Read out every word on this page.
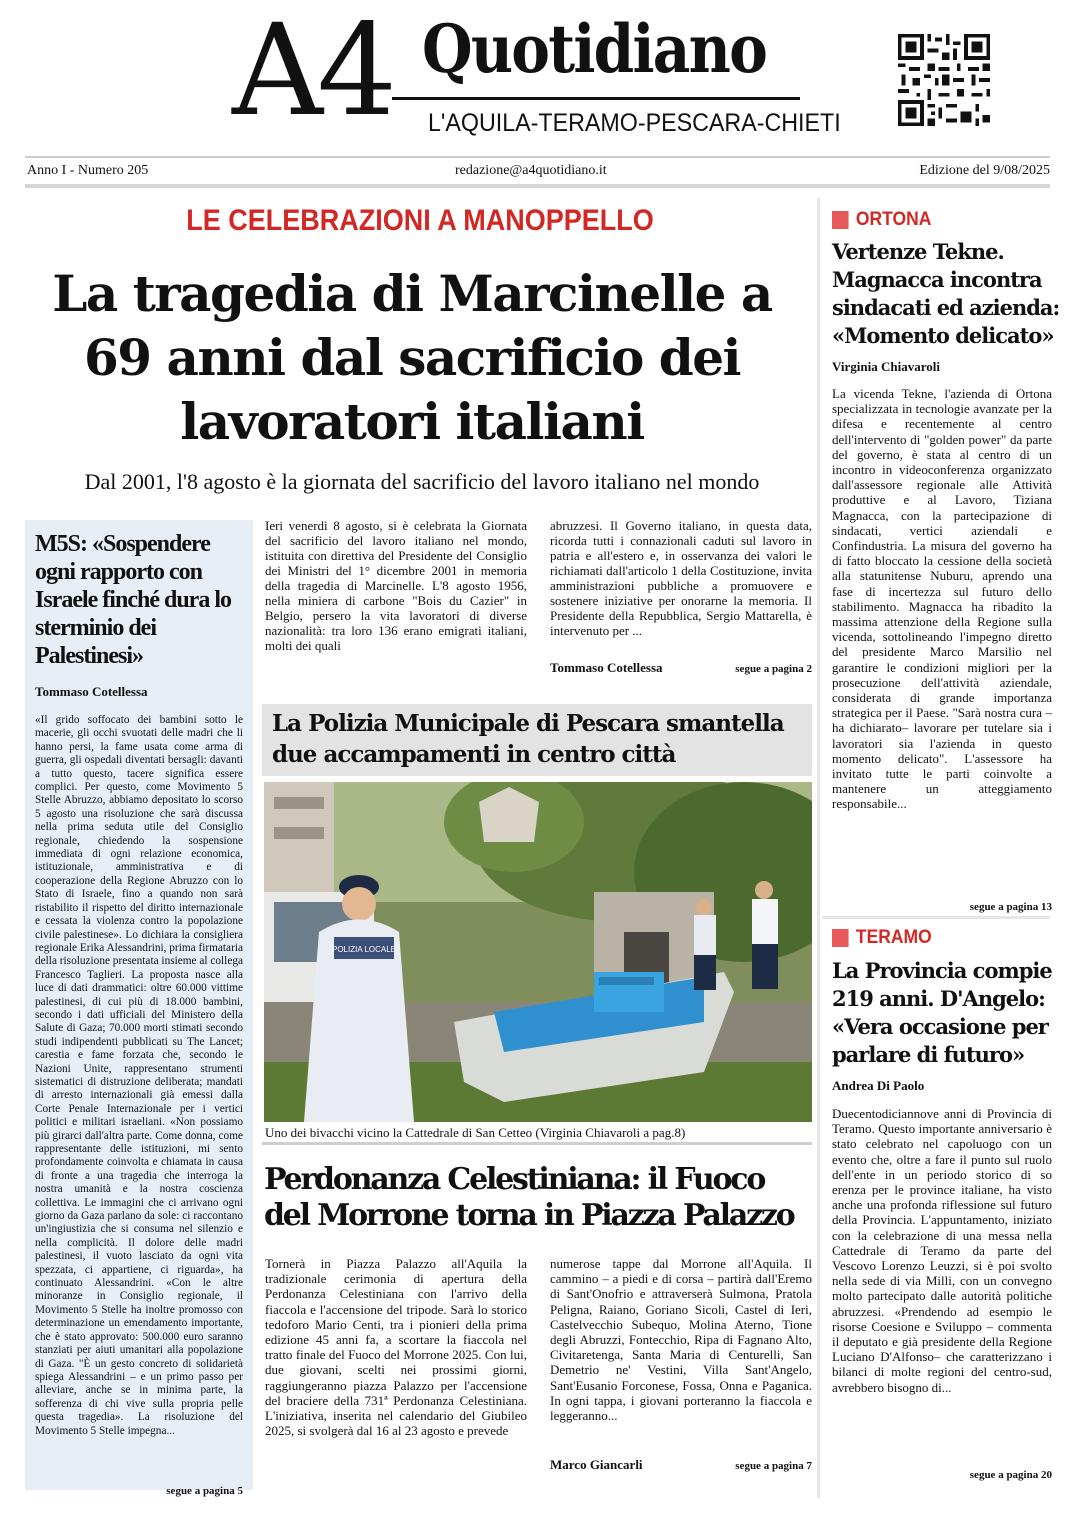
A4 Quotidiano
L'AQUILA-TERAMO-PESCARA-CHIETI
Anno I - Numero 205	redazione@a4quotidiano.it	Edizione del 9/08/2025
LE CELEBRAZIONI A MANOPPELLO
La tragedia di Marcinelle a 69 anni dal sacrificio dei lavoratori italiani
Dal 2001, l'8 agosto è la giornata del sacrificio del lavoro italiano nel mondo
Ieri venerdì 8 agosto, si è celebrata la Giornata del sacrificio del lavoro italiano nel mondo, istituita con direttiva del Presidente del Consiglio dei Ministri del 1° dicembre 2001 in memoria della tragedia di Marcinelle. L'8 agosto 1956, nella miniera di carbone "Bois du Cazier" in Belgio, persero la vita lavoratori di diverse nazionalità: tra loro 136 erano emigrati italiani, molti dei quali
abruzzesi. Il Governo italiano, in questa data, ricorda tutti i connazionali caduti sul lavoro in patria e all'estero e, in osservanza dei valori le richiamati dall'articolo 1 della Costituzione, invita amministrazioni pubbliche a promuovere e sostenere iniziative per onorarne la memoria. Il Presidente della Repubblica, Sergio Mattarella, è intervenuto per ...
Tommaso Cotellessa	segue a pagina 2
M5S: «Sospendere ogni rapporto con Israele finché dura lo sterminio dei Palestinesi»
Tommaso Cotellessa
«Il grido soffocato dei bambini sotto le macerie, gli occhi svuotati delle madri che li hanno persi, la fame usata come arma di guerra, gli ospedali diventati bersagli: davanti a tutto questo, tacere significa essere complici. Per questo, come Movimento 5 Stelle Abruzzo, abbiamo depositato lo scorso 5 agosto una risoluzione che sarà discussa nella prima seduta utile del Consiglio regionale, chiedendo la sospensione immediata di ogni relazione economica, istituzionale, amministrativa e di cooperazione della Regione Abruzzo con lo Stato di Israele, fino a quando non sarà ristabilito il rispetto del diritto internazionale e cessata la violenza contro la popolazione civile palestinese». Lo dichiara la consigliera regionale Erika Alessandrini, prima firmataria della risoluzione presentata insieme al collega Francesco Taglieri. La proposta nasce alla luce di dati drammatici: oltre 60.000 vittime palestinesi, di cui più di 18.000 bambini, secondo i dati ufficiali del Ministero della Salute di Gaza; 70.000 morti stimati secondo studi indipendenti pubblicati su The Lancet; carestia e fame forzata che, secondo le Nazioni Unite, rappresentano strumenti sistematici di distruzione deliberata; mandati di arresto internazionali già emessi dalla Corte Penale Internazionale per i vertici politici e militari israeliani. «Non possiamo più girarci dall'altra parte. Come donna, come rappresentante delle istituzioni, mi sento profondamente coinvolta e chiamata in causa di fronte a una tragedia che interroga la nostra umanità e la nostra coscienza collettiva. Le immagini che ci arrivano ogni giorno da Gaza parlano da sole: ci raccontano un'ingiustizia che si consuma nel silenzio e nella complicità. Il dolore delle madri palestinesi, il vuoto lasciato da ogni vita spezzata, ci appartiene, ci riguarda», ha continuato Alessandrini. «Con le altre minoranze in Consiglio regionale, il Movimento 5 Stelle ha inoltre promosso con determinazione un emendamento importante, che è stato approvato: 500.000 euro saranno stanziati per aiuti umanitari alla popolazione di Gaza. "È un gesto concreto di solidarietà spiega Alessandrini – e un primo passo per alleviare, anche se in minima parte, la sofferenza di chi vive sulla propria pelle questa tragedia». La risoluzione del Movimento 5 Stelle impegna...
segue a pagina 5
La Polizia Municipale di Pescara smantella due accampamenti in centro città
POLIZIA LOCALE
Uno dei bivacchi vicino la Cattedrale di San Cetteo (Virginia Chiavaroli a pag.8)
Perdonanza Celestiniana: il Fuoco del Morrone torna in Piazza Palazzo
Tornerà in Piazza Palazzo all'Aquila la tradizionale cerimonia di apertura della Perdonanza Celestiniana con l'arrivo della fiaccola e l'accensione del tripode. Sarà lo storico tedoforo Mario Centi, tra i pionieri della prima edizione 45 anni fa, a scortare la fiaccola nel tratto finale del Fuoco del Morrone 2025. Con lui, due giovani, scelti nei prossimi giorni, raggiungeranno piazza Palazzo per l'accensione del braciere della 731ª Perdonanza Celestiniana. L'iniziativa, inserita nel calendario del Giubileo 2025, si svolgerà dal 16 al 23 agosto e prevede
numerose tappe dal Morrone all'Aquila. Il cammino – a piedi e di corsa – partirà dall'Eremo di Sant'Onofrio e attraverserà Sulmona, Pratola Peligna, Raiano, Goriano Sicoli, Castel di Ieri, Castelvecchio Subequo, Molina Aterno, Tione degli Abruzzi, Fontecchio, Ripa di Fagnano Alto, Civitaretenga, Santa Maria di Centurelli, San Demetrio ne' Vestini, Villa Sant'Angelo, Sant'Eusanio Forconese, Fossa, Onna e Paganica. In ogni tappa, i giovani porteranno la fiaccola e leggeranno...
Marco Giancarli	segue a pagina 7
ORTONA
Vertenze Tekne. Magnacca incontra sindacati ed azienda: «Momento delicato»
Virginia Chiavaroli
La vicenda Tekne, l'azienda di Ortona specializzata in tecnologie avanzate per la difesa e recentemente al centro dell'intervento di "golden power" da parte del governo, è stata al centro di un incontro in videoconferenza organizzato dall'assessore regionale alle Attività produttive e al Lavoro, Tiziana Magnacca, con la partecipazione di sindacati, vertici aziendali e Confindustria. La misura del governo ha di fatto bloccato la cessione della società alla statunitense Nuburu, aprendo una fase di incertezza sul futuro dello stabilimento. Magnacca ha ribadito la massima attenzione della Regione sulla vicenda, sottolineando l'impegno diretto del presidente Marco Marsilio nel garantire le condizioni migliori per la prosecuzione dell'attività aziendale, considerata di grande importanza strategica per il Paese. "Sarà nostra cura – ha dichiarato– lavorare per tutelare sia i lavoratori sia l'azienda in questo momento delicato". L'assessore ha invitato tutte le parti coinvolte a mantenere un atteggiamento responsabile...
segue a pagina 13
TERAMO
La Provincia compie 219 anni. D'Angelo: «Vera occasione per parlare di futuro»
Andrea Di Paolo
Duecentodiciannove anni di Provincia di Teramo. Questo importante anniversario è stato celebrato nel capoluogo con un evento che, oltre a fare il punto sul ruolo dell'ente in un periodo storico di so erenza per le province italiane, ha visto anche una profonda riflessione sul futuro della Provincia. L'appuntamento, iniziato con la celebrazione di una messa nella Cattedrale di Teramo da parte del Vescovo Lorenzo Leuzzi, si è poi svolto nella sede di via Milli, con un convegno molto partecipato dalle autorità politiche abruzzesi. «Prendendo ad esempio le risorse Coesione e Sviluppo – commenta il deputato e già presidente della Regione Luciano D'Alfonso– che caratterizzano i bilanci di molte regioni del centro-sud, avrebbero bisogno di...
segue a pagina 20
